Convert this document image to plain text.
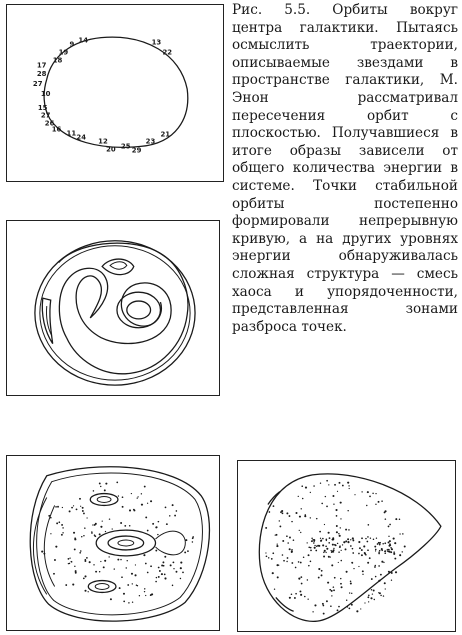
14
9
19
13
22
18
28
17
10
15
20 25
26
12
24	21
16
23
11
29
27
27
Рис. 5.5. Орбиты вокруг центра галактики. Пытаясь осмыслить траектории, описываемые звездами в пространстве галактики, М. Энон рассматривал пересечения орбит с плоскостью. Получавшиеся в итоге образы зависели от общего количества энергии в системе. Точки стабильной орбиты постепенно формировали непрерывную кривую, а на других уровнях энергии обнаруживалась сложная структура — смесь хаоса и упорядоченности, представленная зонами разброса точек.
